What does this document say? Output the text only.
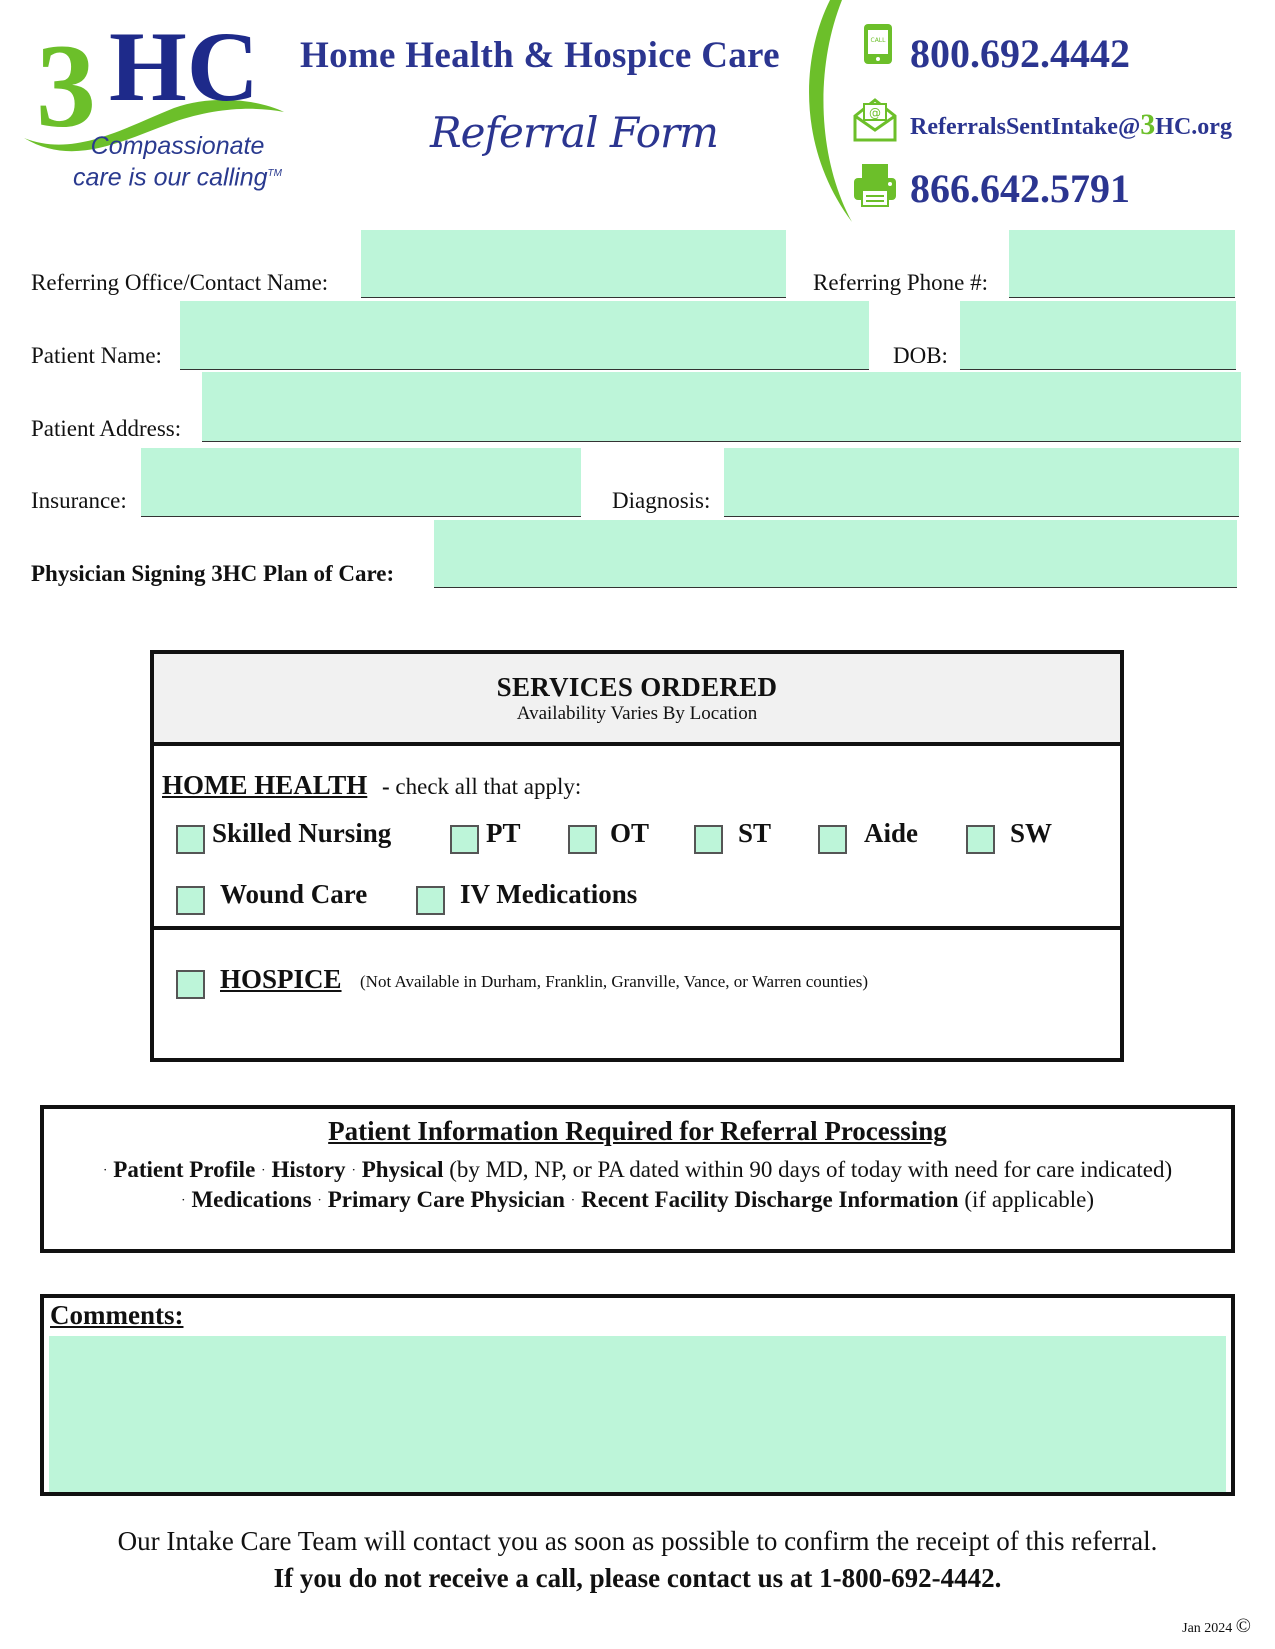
3 HC
Compassionate
care is our calling™
Home Health & Hospice Care
Referral Form
CALL 800.692.4442
@
ReferralsSentIntake@3HC.org
866.642.5791
Referring Office/Contact Name:	Referring Phone #:
Patient Name:	DOB:
Patient Address:
Insurance:	Diagnosis:
Physician Signing 3HC Plan of Care:
SERVICES ORDERED
Availability Varies By Location
HOME HEALTH - check all that apply:
Skilled Nursing	PT	OT	ST	Aide	SW
Wound Care	IV Medications
HOSPICE (Not Available in Durham, Franklin, Granville, Vance, or Warren counties)
Patient Information Required for Referral Processing
· Patient Profile · History · Physical (by MD, NP, or PA dated within 90 days of today with need for care indicated)
· Medications · Primary Care Physician · Recent Facility Discharge Information (if applicable)
Comments:
Our Intake Care Team will contact you as soon as possible to confirm the receipt of this referral.
If you do not receive a call, please contact us at 1-800-692-4442.
Jan 2024 ©
